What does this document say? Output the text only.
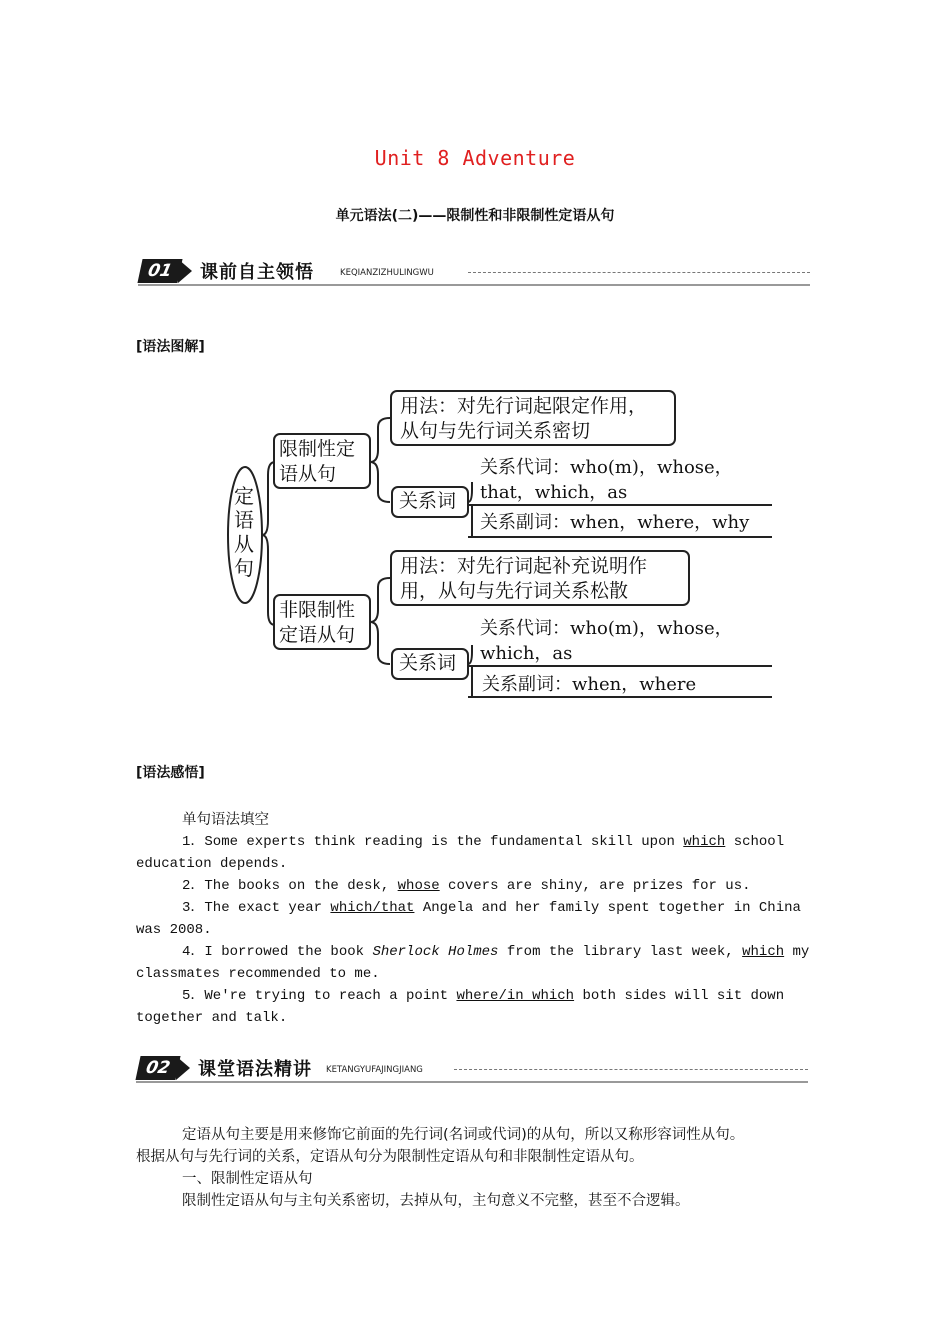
Unit 8 Adventure
单元语法(二)——限制性和非限制性定语从句
01	课前自主领悟	KEQIANZIZHULINGWU
[语法图解]
定
语
从
句
限制性定
语从句
用法：对先行词起限定作用，
从句与先行词关系密切
关系词
关系代词：who(m)，whose，
that，which，as
关系副词：when，where，why
非限制性
定语从句
用法：对先行词起补充说明作
用，从句与先行词关系松散
关系词
关系代词：who(m)，whose，
which，as
关系副词：when，where
[语法感悟]
单句语法填空
1．Some experts think reading is the fundamental skill upon which school
education depends.
2．The books on the desk, whose covers are shiny, are prizes for us.
3．The exact year which/that Angela and her family spent together in China
was 2008.
4．I borrowed the book Sherlock Holmes from the library last week, which my
classmates recommended to me.
5．We're trying to reach a point where/in which both sides will sit down
together and talk.
02	课堂语法精讲 KETANGYUFAJINGJIANG
定语从句主要是用来修饰它前面的先行词(名词或代词)的从句，所以又称形容词性从句。
根据从句与先行词的关系，定语从句分为限制性定语从句和非限制性定语从句。
一、限制性定语从句
限制性定语从句与主句关系密切，去掉从句，主句意义不完整，甚至不合逻辑。
